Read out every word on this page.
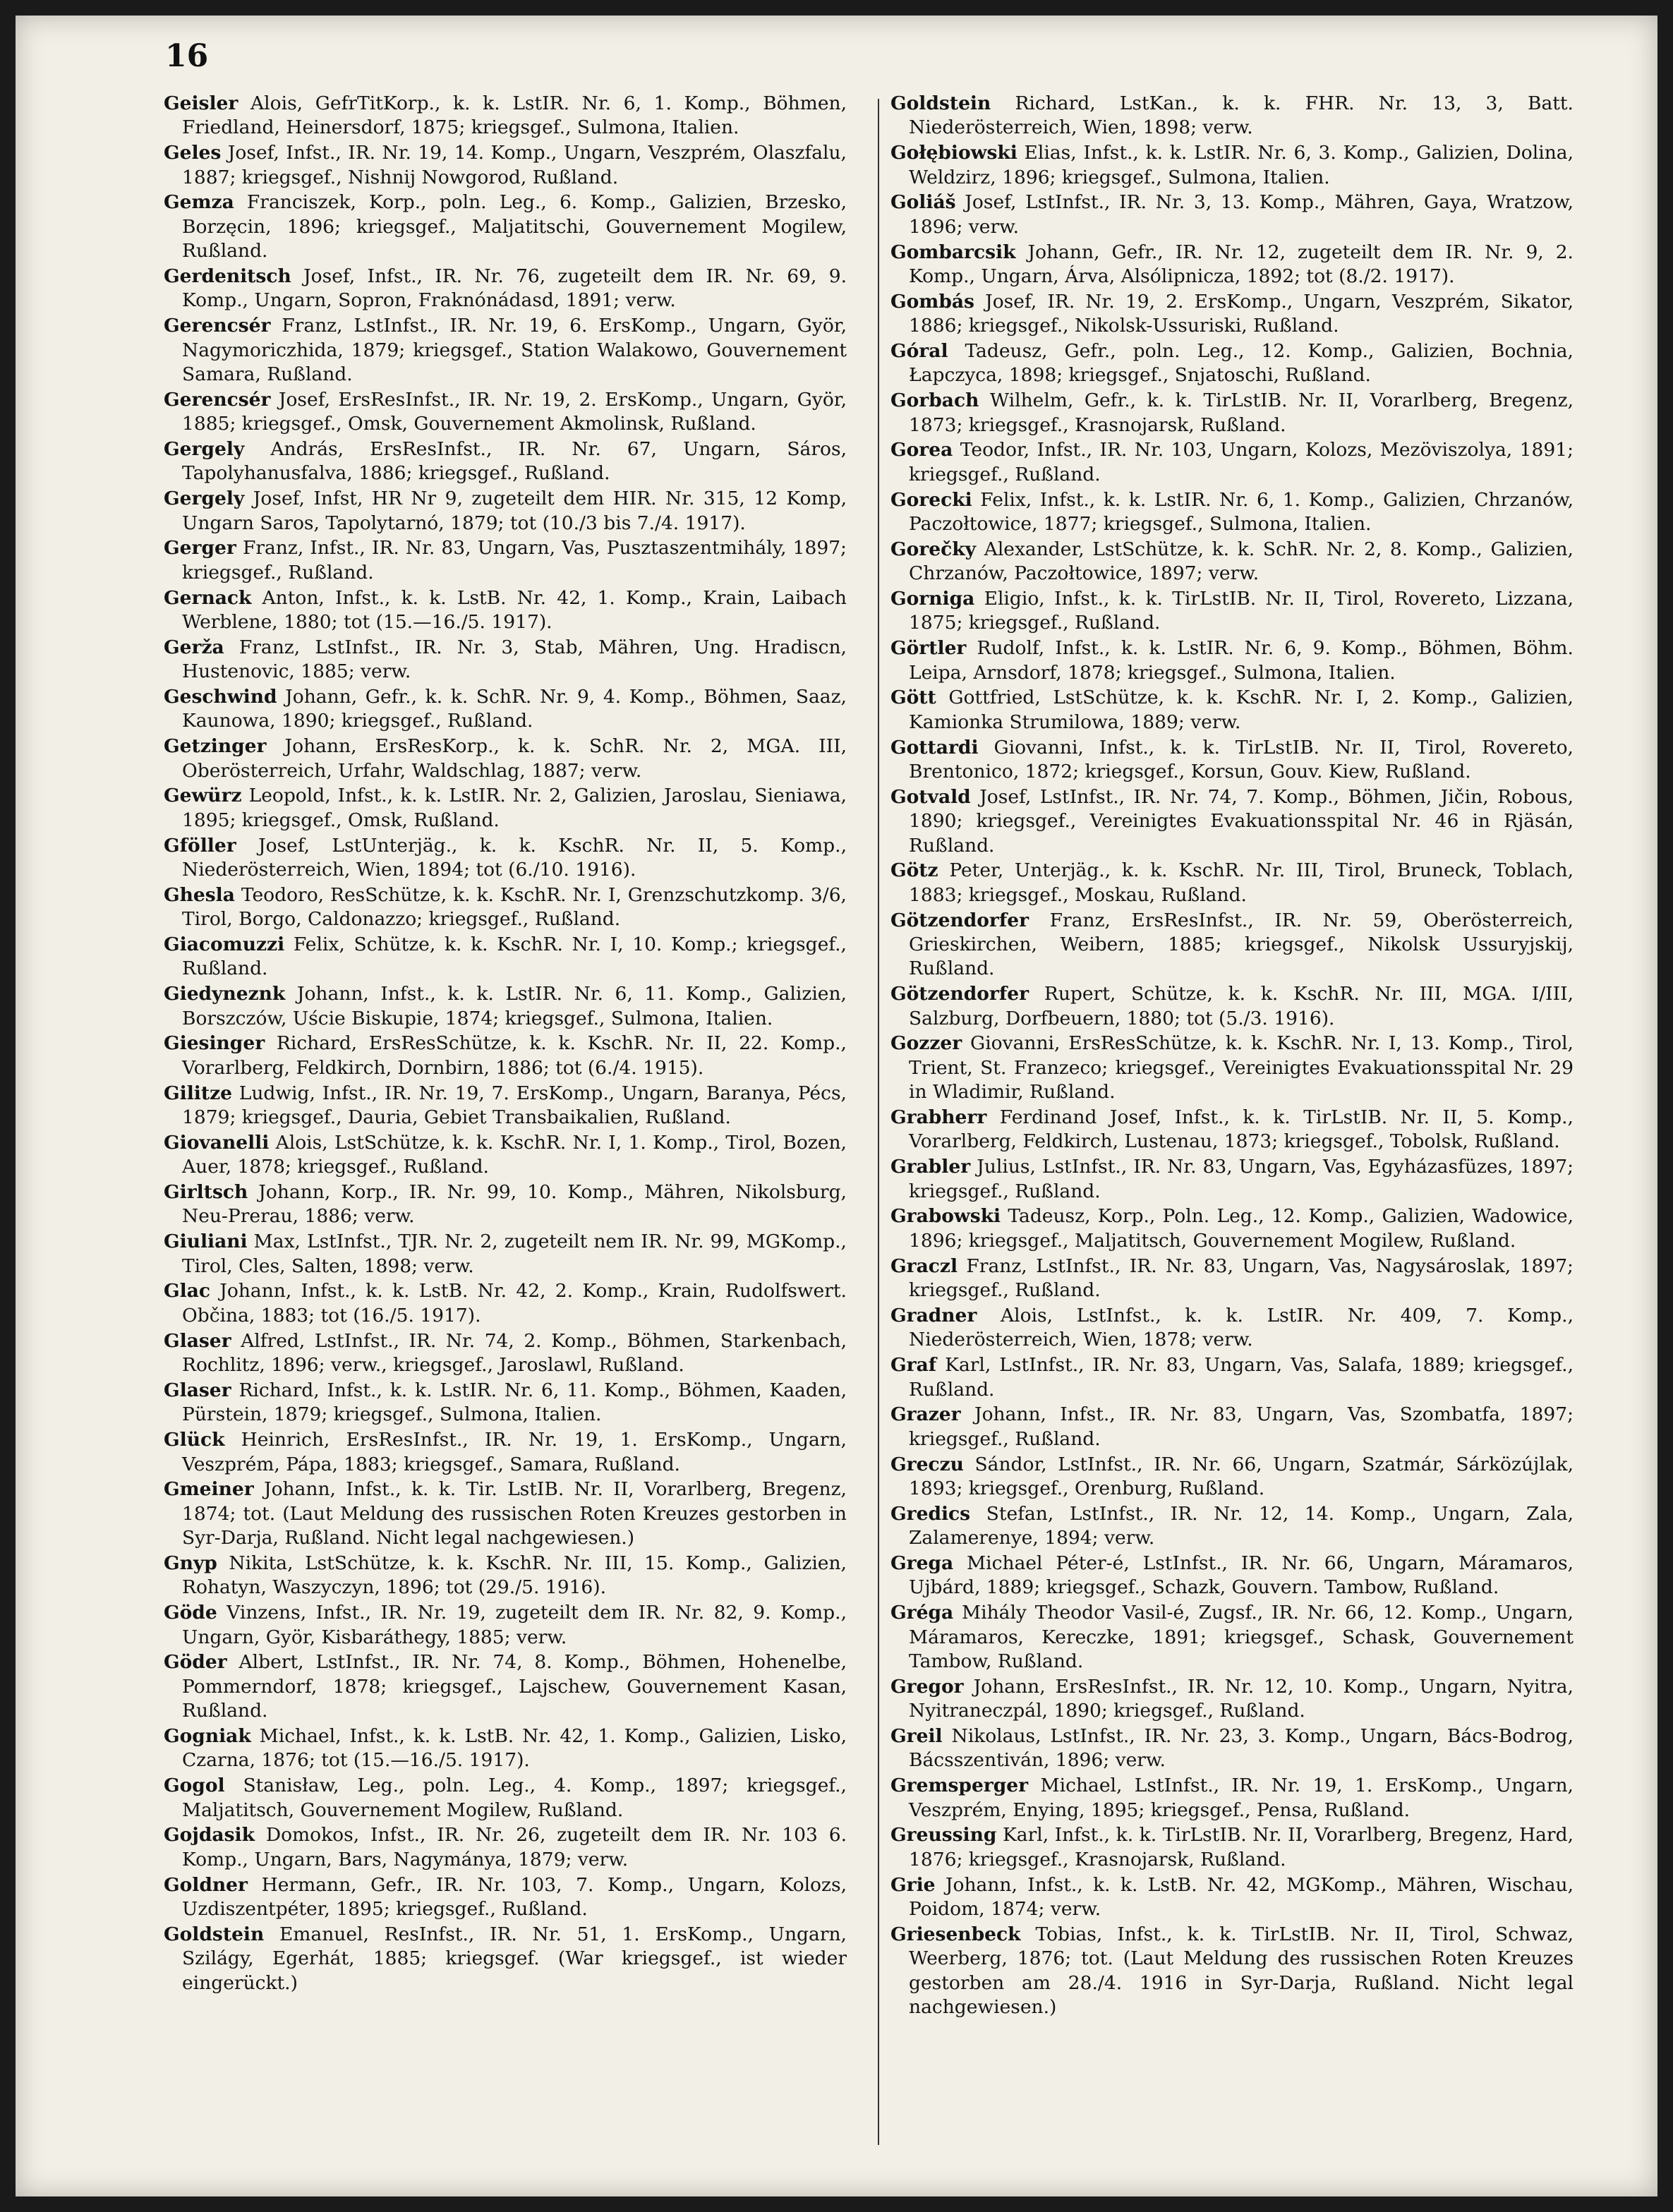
16

Geisler Alois, GefrTitKorp., k. k. LstIR. Nr. 6, 1. Komp., Böhmen, Friedland, Heinersdorf, 1875; kriegsgef., Sulmona, Italien.

Geles Josef, Infst., IR. Nr. 19, 14. Komp., Ungarn, Veszprém, Olaszfalu, 1887; kriegsgef., Nishnij Nowgorod, Rußland.

Gemza Franciszek, Korp., poln. Leg., 6. Komp., Galizien, Brzesko, Borzęcin, 1896; kriegsgef., Maljatitschi, Gouvernement Mogilew, Rußland.

Gerdenitsch Josef, Infst., IR. Nr. 76, zugeteilt dem IR. Nr. 69, 9. Komp., Ungarn, Sopron, Fraknónádasd, 1891; verw.

Gerencsér Franz, LstInfst., IR. Nr. 19, 6. ErsKomp., Ungarn, Györ, Nagymoriczhida, 1879; kriegsgef., Station Walakowo, Gouvernement Samara, Rußland.

Gerencsér Josef, ErsResInfst., IR. Nr. 19, 2. ErsKomp., Ungarn, Györ, 1885; kriegsgef., Omsk, Gouvernement Akmolinsk, Rußland.

Gergely András, ErsResInfst., IR. Nr. 67, Ungarn, Sáros, Tapolyhanusfalva, 1886; kriegsgef., Rußland.

Gergely Josef, Infst, HR Nr 9, zugeteilt dem HIR. Nr. 315, 12 Komp, Ungarn Saros, Tapolytarnó, 1879; tot (10./3 bis 7./4. 1917).

Gerger Franz, Infst., IR. Nr. 83, Ungarn, Vas, Pusztaszentmihály, 1897; kriegsgef., Rußland.

Gernack Anton, Infst., k. k. LstB. Nr. 42, 1. Komp., Krain, Laibach Werblene, 1880; tot (15.—16./5. 1917).

Gerža Franz, LstInfst., IR. Nr. 3, Stab, Mähren, Ung. Hradiscn, Hustenovic, 1885; verw.

Geschwind Johann, Gefr., k. k. SchR. Nr. 9, 4. Komp., Böhmen, Saaz, Kaunowa, 1890; kriegsgef., Rußland.

Getzinger Johann, ErsResKorp., k. k. SchR. Nr. 2, MGA. III, Oberösterreich, Urfahr, Waldschlag, 1887; verw.

Gewürz Leopold, Infst., k. k. LstIR. Nr. 2, Galizien, Jaroslau, Sieniawa, 1895; kriegsgef., Omsk, Rußland.

Gföller Josef, LstUnterjäg., k. k. KschR. Nr. II, 5. Komp., Niederösterreich, Wien, 1894; tot (6./10. 1916).

Ghesla Teodoro, ResSchütze, k. k. KschR. Nr. I, Grenzschutzkomp. 3/6, Tirol, Borgo, Caldonazzo; kriegsgef., Rußland.

Giacomuzzi Felix, Schütze, k. k. KschR. Nr. I, 10. Komp.; kriegsgef., Rußland.

Giedyneznk Johann, Infst., k. k. LstIR. Nr. 6, 11. Komp., Galizien, Borszczów, Uście Biskupie, 1874; kriegsgef., Sulmona, Italien.

Giesinger Richard, ErsResSchütze, k. k. KschR. Nr. II, 22. Komp., Vorarlberg, Feldkirch, Dornbirn, 1886; tot (6./4. 1915).

Gilitze Ludwig, Infst., IR. Nr. 19, 7. ErsKomp., Ungarn, Baranya, Pécs, 1879; kriegsgef., Dauria, Gebiet Transbaikalien, Rußland.

Giovanelli Alois, LstSchütze, k. k. KschR. Nr. I, 1. Komp., Tirol, Bozen, Auer, 1878; kriegsgef., Rußland.

Girltsch Johann, Korp., IR. Nr. 99, 10. Komp., Mähren, Nikolsburg, Neu-Prerau, 1886; verw.

Giuliani Max, LstInfst., TJR. Nr. 2, zugeteilt nem IR. Nr. 99, MGKomp., Tirol, Cles, Salten, 1898; verw.

Glac Johann, Infst., k. k. LstB. Nr. 42, 2. Komp., Krain, Rudolfswert. Občina, 1883; tot (16./5. 1917).

Glaser Alfred, LstInfst., IR. Nr. 74, 2. Komp., Böhmen, Starkenbach, Rochlitz, 1896; verw., kriegsgef., Jaroslawl, Rußland.

Glaser Richard, Infst., k. k. LstIR. Nr. 6, 11. Komp., Böhmen, Kaaden, Pürstein, 1879; kriegsgef., Sulmona, Italien.

Glück Heinrich, ErsResInfst., IR. Nr. 19, 1. ErsKomp., Ungarn, Veszprém, Pápa, 1883; kriegsgef., Samara, Rußland.

Gmeiner Johann, Infst., k. k. Tir. LstIB. Nr. II, Vorarlberg, Bregenz, 1874; tot. (Laut Meldung des russischen Roten Kreuzes gestorben in Syr-Darja, Rußland. Nicht legal nachgewiesen.)

Gnyp Nikita, LstSchütze, k. k. KschR. Nr. III, 15. Komp., Galizien, Rohatyn, Waszyczyn, 1896; tot (29./5. 1916).

Göde Vinzens, Infst., IR. Nr. 19, zugeteilt dem IR. Nr. 82, 9. Komp., Ungarn, Györ, Kisbaráthegy, 1885; verw.

Göder Albert, LstInfst., IR. Nr. 74, 8. Komp., Böhmen, Hohenelbe, Pommerndorf, 1878; kriegsgef., Lajschew, Gouvernement Kasan, Rußland.

Gogniak Michael, Infst., k. k. LstB. Nr. 42, 1. Komp., Galizien, Lisko, Czarna, 1876; tot (15.—16./5. 1917).

Gogol Stanisław, Leg., poln. Leg., 4. Komp., 1897; kriegsgef., Maljatitsch, Gouvernement Mogilew, Rußland.

Gojdasik Domokos, Infst., IR. Nr. 26, zugeteilt dem IR. Nr. 103 6. Komp., Ungarn, Bars, Nagymánya, 1879; verw.

Goldner Hermann, Gefr., IR. Nr. 103, 7. Komp., Ungarn, Kolozs, Uzdiszentpéter, 1895; kriegsgef., Rußland.

Goldstein Emanuel, ResInfst., IR. Nr. 51, 1. ErsKomp., Ungarn, Szilágy, Egerhát, 1885; kriegsgef. (War kriegsgef., ist wieder eingerückt.)

Goldstein Richard, LstKan., k. k. FHR. Nr. 13, 3, Batt. Niederösterreich, Wien, 1898; verw.

Gołębiowski Elias, Infst., k. k. LstIR. Nr. 6, 3. Komp., Galizien, Dolina, Weldzirz, 1896; kriegsgef., Sulmona, Italien.

Goliáš Josef, LstInfst., IR. Nr. 3, 13. Komp., Mähren, Gaya, Wratzow, 1896; verw.

Gombarcsik Johann, Gefr., IR. Nr. 12, zugeteilt dem IR. Nr. 9, 2. Komp., Ungarn, Árva, Alsólipnicza, 1892; tot (8./2. 1917).

Gombás Josef, IR. Nr. 19, 2. ErsKomp., Ungarn, Veszprém, Sikator, 1886; kriegsgef., Nikolsk-Ussuriski, Rußland.

Góral Tadeusz, Gefr., poln. Leg., 12. Komp., Galizien, Bochnia, Łapczyca, 1898; kriegsgef., Snjatoschi, Rußland.

Gorbach Wilhelm, Gefr., k. k. TirLstIB. Nr. II, Vorarlberg, Bregenz, 1873; kriegsgef., Krasnojarsk, Rußland.

Gorea Teodor, Infst., IR. Nr. 103, Ungarn, Kolozs, Mezöviszolya, 1891; kriegsgef., Rußland.

Gorecki Felix, Infst., k. k. LstIR. Nr. 6, 1. Komp., Galizien, Chrzanów, Paczołtowice, 1877; kriegsgef., Sulmona, Italien.

Gorečky Alexander, LstSchütze, k. k. SchR. Nr. 2, 8. Komp., Galizien, Chrzanów, Paczołtowice, 1897; verw.

Gorniga Eligio, Infst., k. k. TirLstIB. Nr. II, Tirol, Rovereto, Lizzana, 1875; kriegsgef., Rußland.

Görtler Rudolf, Infst., k. k. LstIR. Nr. 6, 9. Komp., Böhmen, Böhm. Leipa, Arnsdorf, 1878; kriegsgef., Sulmona, Italien.

Gött Gottfried, LstSchütze, k. k. KschR. Nr. I, 2. Komp., Galizien, Kamionka Strumilowa, 1889; verw.

Gottardi Giovanni, Infst., k. k. TirLstIB. Nr. II, Tirol, Rovereto, Brentonico, 1872; kriegsgef., Korsun, Gouv. Kiew, Rußland.

Gotvald Josef, LstInfst., IR. Nr. 74, 7. Komp., Böhmen, Jičin, Robous, 1890; kriegsgef., Vereinigtes Evakuationsspital Nr. 46 in Rjäsán, Rußland.

Götz Peter, Unterjäg., k. k. KschR. Nr. III, Tirol, Bruneck, Toblach, 1883; kriegsgef., Moskau, Rußland.

Götzendorfer Franz, ErsResInfst., IR. Nr. 59, Oberösterreich, Grieskirchen, Weibern, 1885; kriegsgef., Nikolsk Ussuryjskij, Rußland.

Götzendorfer Rupert, Schütze, k. k. KschR. Nr. III, MGA. I/III, Salzburg, Dorfbeuern, 1880; tot (5./3. 1916).

Gozzer Giovanni, ErsResSchütze, k. k. KschR. Nr. I, 13. Komp., Tirol, Trient, St. Franzeco; kriegsgef., Vereinigtes Evakuationsspital Nr. 29 in Wladimir, Rußland.

Grabherr Ferdinand Josef, Infst., k. k. TirLstIB. Nr. II, 5. Komp., Vorarlberg, Feldkirch, Lustenau, 1873; kriegsgef., Tobolsk, Rußland.

Grabler Julius, LstInfst., IR. Nr. 83, Ungarn, Vas, Egyházasfüzes, 1897; kriegsgef., Rußland.

Grabowski Tadeusz, Korp., Poln. Leg., 12. Komp., Galizien, Wadowice, 1896; kriegsgef., Maljatitsch, Gouvernement Mogilew, Rußland.

Graczl Franz, LstInfst., IR. Nr. 83, Ungarn, Vas, Nagysároslak, 1897; kriegsgef., Rußland.

Gradner Alois, LstInfst., k. k. LstIR. Nr. 409, 7. Komp., Niederösterreich, Wien, 1878; verw.

Graf Karl, LstInfst., IR. Nr. 83, Ungarn, Vas, Salafa, 1889; kriegsgef., Rußland.

Grazer Johann, Infst., IR. Nr. 83, Ungarn, Vas, Szombatfa, 1897; kriegsgef., Rußland.

Greczu Sándor, LstInfst., IR. Nr. 66, Ungarn, Szatmár, Sárközújlak, 1893; kriegsgef., Orenburg, Rußland.

Gredics Stefan, LstInfst., IR. Nr. 12, 14. Komp., Ungarn, Zala, Zalamerenye, 1894; verw.

Grega Michael Péter-é, LstInfst., IR. Nr. 66, Ungarn, Máramaros, Ujbárd, 1889; kriegsgef., Schazk, Gouvern. Tambow, Rußland.

Gréga Mihály Theodor Vasil-é, Zugsf., IR. Nr. 66, 12. Komp., Ungarn, Máramaros, Kereczke, 1891; kriegsgef., Schask, Gouvernement Tambow, Rußland.

Gregor Johann, ErsResInfst., IR. Nr. 12, 10. Komp., Ungarn, Nyitra, Nyitraneczpál, 1890; kriegsgef., Rußland.

Greil Nikolaus, LstInfst., IR. Nr. 23, 3. Komp., Ungarn, Bács-Bodrog, Bácsszentiván, 1896; verw.

Gremsperger Michael, LstInfst., IR. Nr. 19, 1. ErsKomp., Ungarn, Veszprém, Enying, 1895; kriegsgef., Pensa, Rußland.

Greussing Karl, Infst., k. k. TirLstIB. Nr. II, Vorarlberg, Bregenz, Hard, 1876; kriegsgef., Krasnojarsk, Rußland.

Grie Johann, Infst., k. k. LstB. Nr. 42, MGKomp., Mähren, Wischau, Poidom, 1874; verw.

Griesenbeck Tobias, Infst., k. k. TirLstIB. Nr. II, Tirol, Schwaz, Weerberg, 1876; tot. (Laut Meldung des russischen Roten Kreuzes gestorben am 28./4. 1916 in Syr-Darja, Rußland. Nicht legal nachgewiesen.)
